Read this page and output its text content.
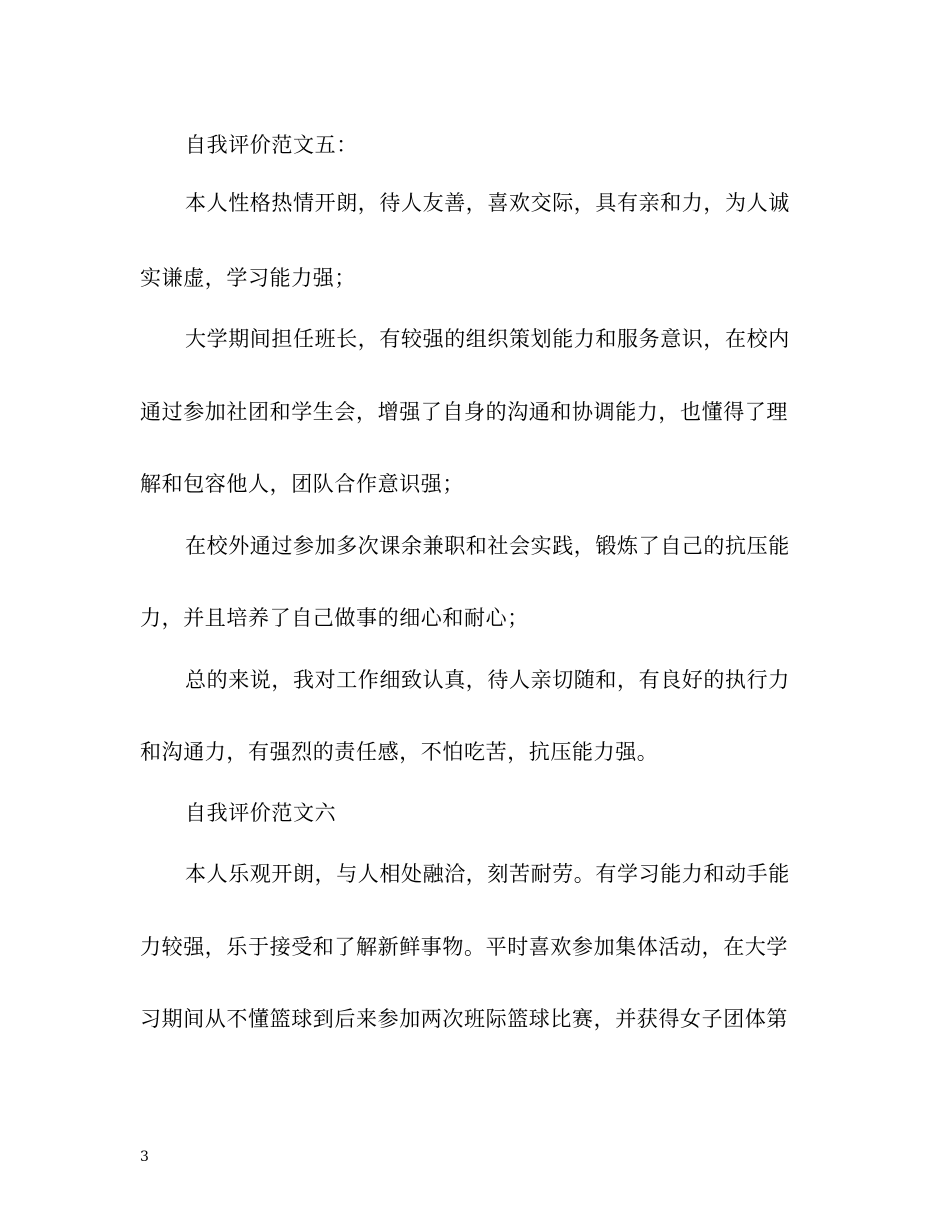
自我评价范文五：
本人性格热情开朗，待人友善，喜欢交际，具有亲和力，为人诚
实谦虚，学习能力强；
大学期间担任班长，有较强的组织策划能力和服务意识，在校内
通过参加社团和学生会，增强了自身的沟通和协调能力，也懂得了理
解和包容他人，团队合作意识强；
在校外通过参加多次课余兼职和社会实践，锻炼了自己的抗压能
力，并且培养了自己做事的细心和耐心；
总的来说，我对工作细致认真，待人亲切随和，有良好的执行力
和沟通力，有强烈的责任感，不怕吃苦，抗压能力强。
自我评价范文六
本人乐观开朗，与人相处融洽，刻苦耐劳。有学习能力和动手能
力较强，乐于接受和了解新鲜事物。平时喜欢参加集体活动，在大学
习期间从不懂篮球到后来参加两次班际篮球比赛，并获得女子团体第
3
